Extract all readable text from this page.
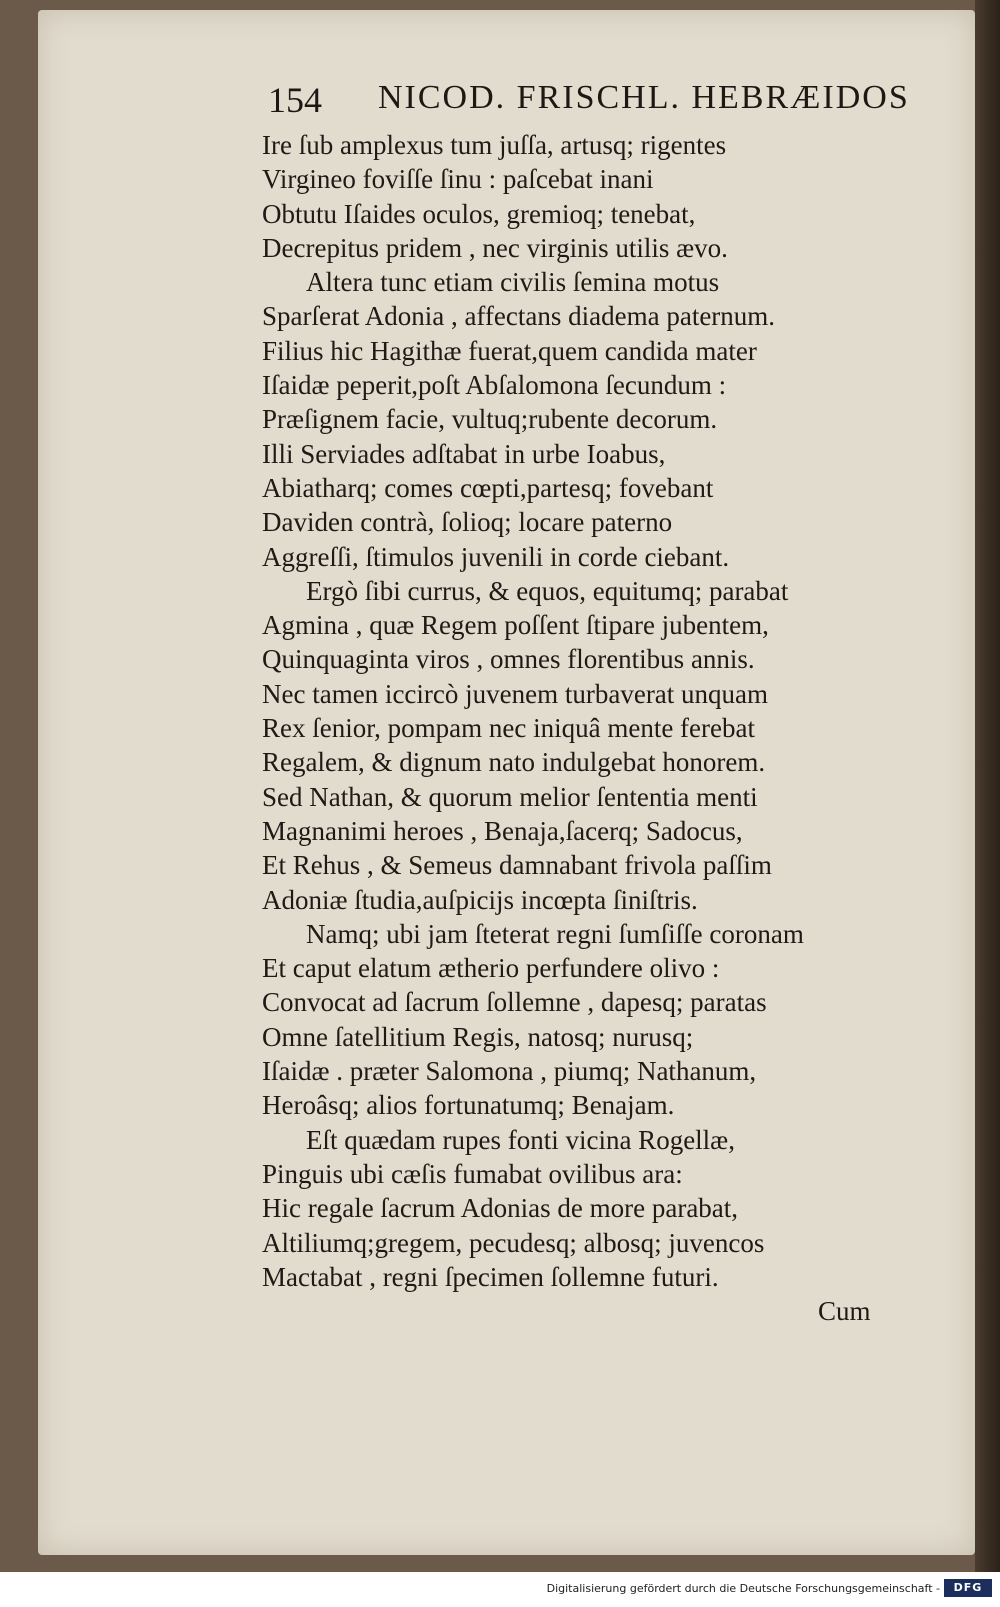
154 NICOD. FRISCHL. HEBRÆIDOS
Ire ſub amplexus tum juſſa, artusq; rigentes
Virgineo foviſſe ſinu : paſcebat inani
Obtutu Iſaides oculos, gremioq; tenebat,
Decrepitus pridem , nec virginis utilis ævo.
Altera tunc etiam civilis ſemina motus
Sparſerat Adonia , affectans diadema paternum.
Filius hic Hagithæ fuerat,quem candida mater
Iſaidæ peperit,poſt Abſalomona ſecundum :
Præſignem facie, vultuq;rubente decorum.
Illi Serviades adſtabat in urbe Ioabus,
Abiatharq; comes cœpti,partesq; fovebant
Daviden contrà, ſolioq; locare paterno
Aggreſſi, ſtimulos juvenili in corde ciebant.
Ergò ſibi currus, & equos, equitumq; parabat
Agmina , quæ Regem poſſent ſtipare jubentem,
Quinquaginta viros , omnes florentibus annis.
Nec tamen iccircò juvenem turbaverat unquam
Rex ſenior, pompam nec iniquâ mente ferebat
Regalem, & dignum nato indulgebat honorem.
Sed Nathan, & quorum melior ſententia menti
Magnanimi heroes , Benaja,ſacerq; Sadocus,
Et Rehus , & Semeus damnabant frivola paſſim
Adoniæ ſtudia,auſpicijs incœpta ſiniſtris.
Namq; ubi jam ſteterat regni ſumſiſſe coronam
Et caput elatum ætherio perfundere olivo :
Convocat ad ſacrum ſollemne , dapesq; paratas
Omne ſatellitium Regis, natosq; nurusq;
Iſaidæ . præter Salomona , piumq; Nathanum,
Heroâsq; alios fortunatumq; Benajam.
Eſt quædam rupes fonti vicina Rogellæ,
Pinguis ubi cæſis fumabat ovilibus ara:
Hic regale ſacrum Adonias de more parabat,
Altiliumq;gregem, pecudesq; albosq; juvencos
Mactabat , regni ſpecimen ſollemne futuri.
Cum
Digitalisierung gefördert durch die Deutsche Forschungsgemeinschaft -	DFG
